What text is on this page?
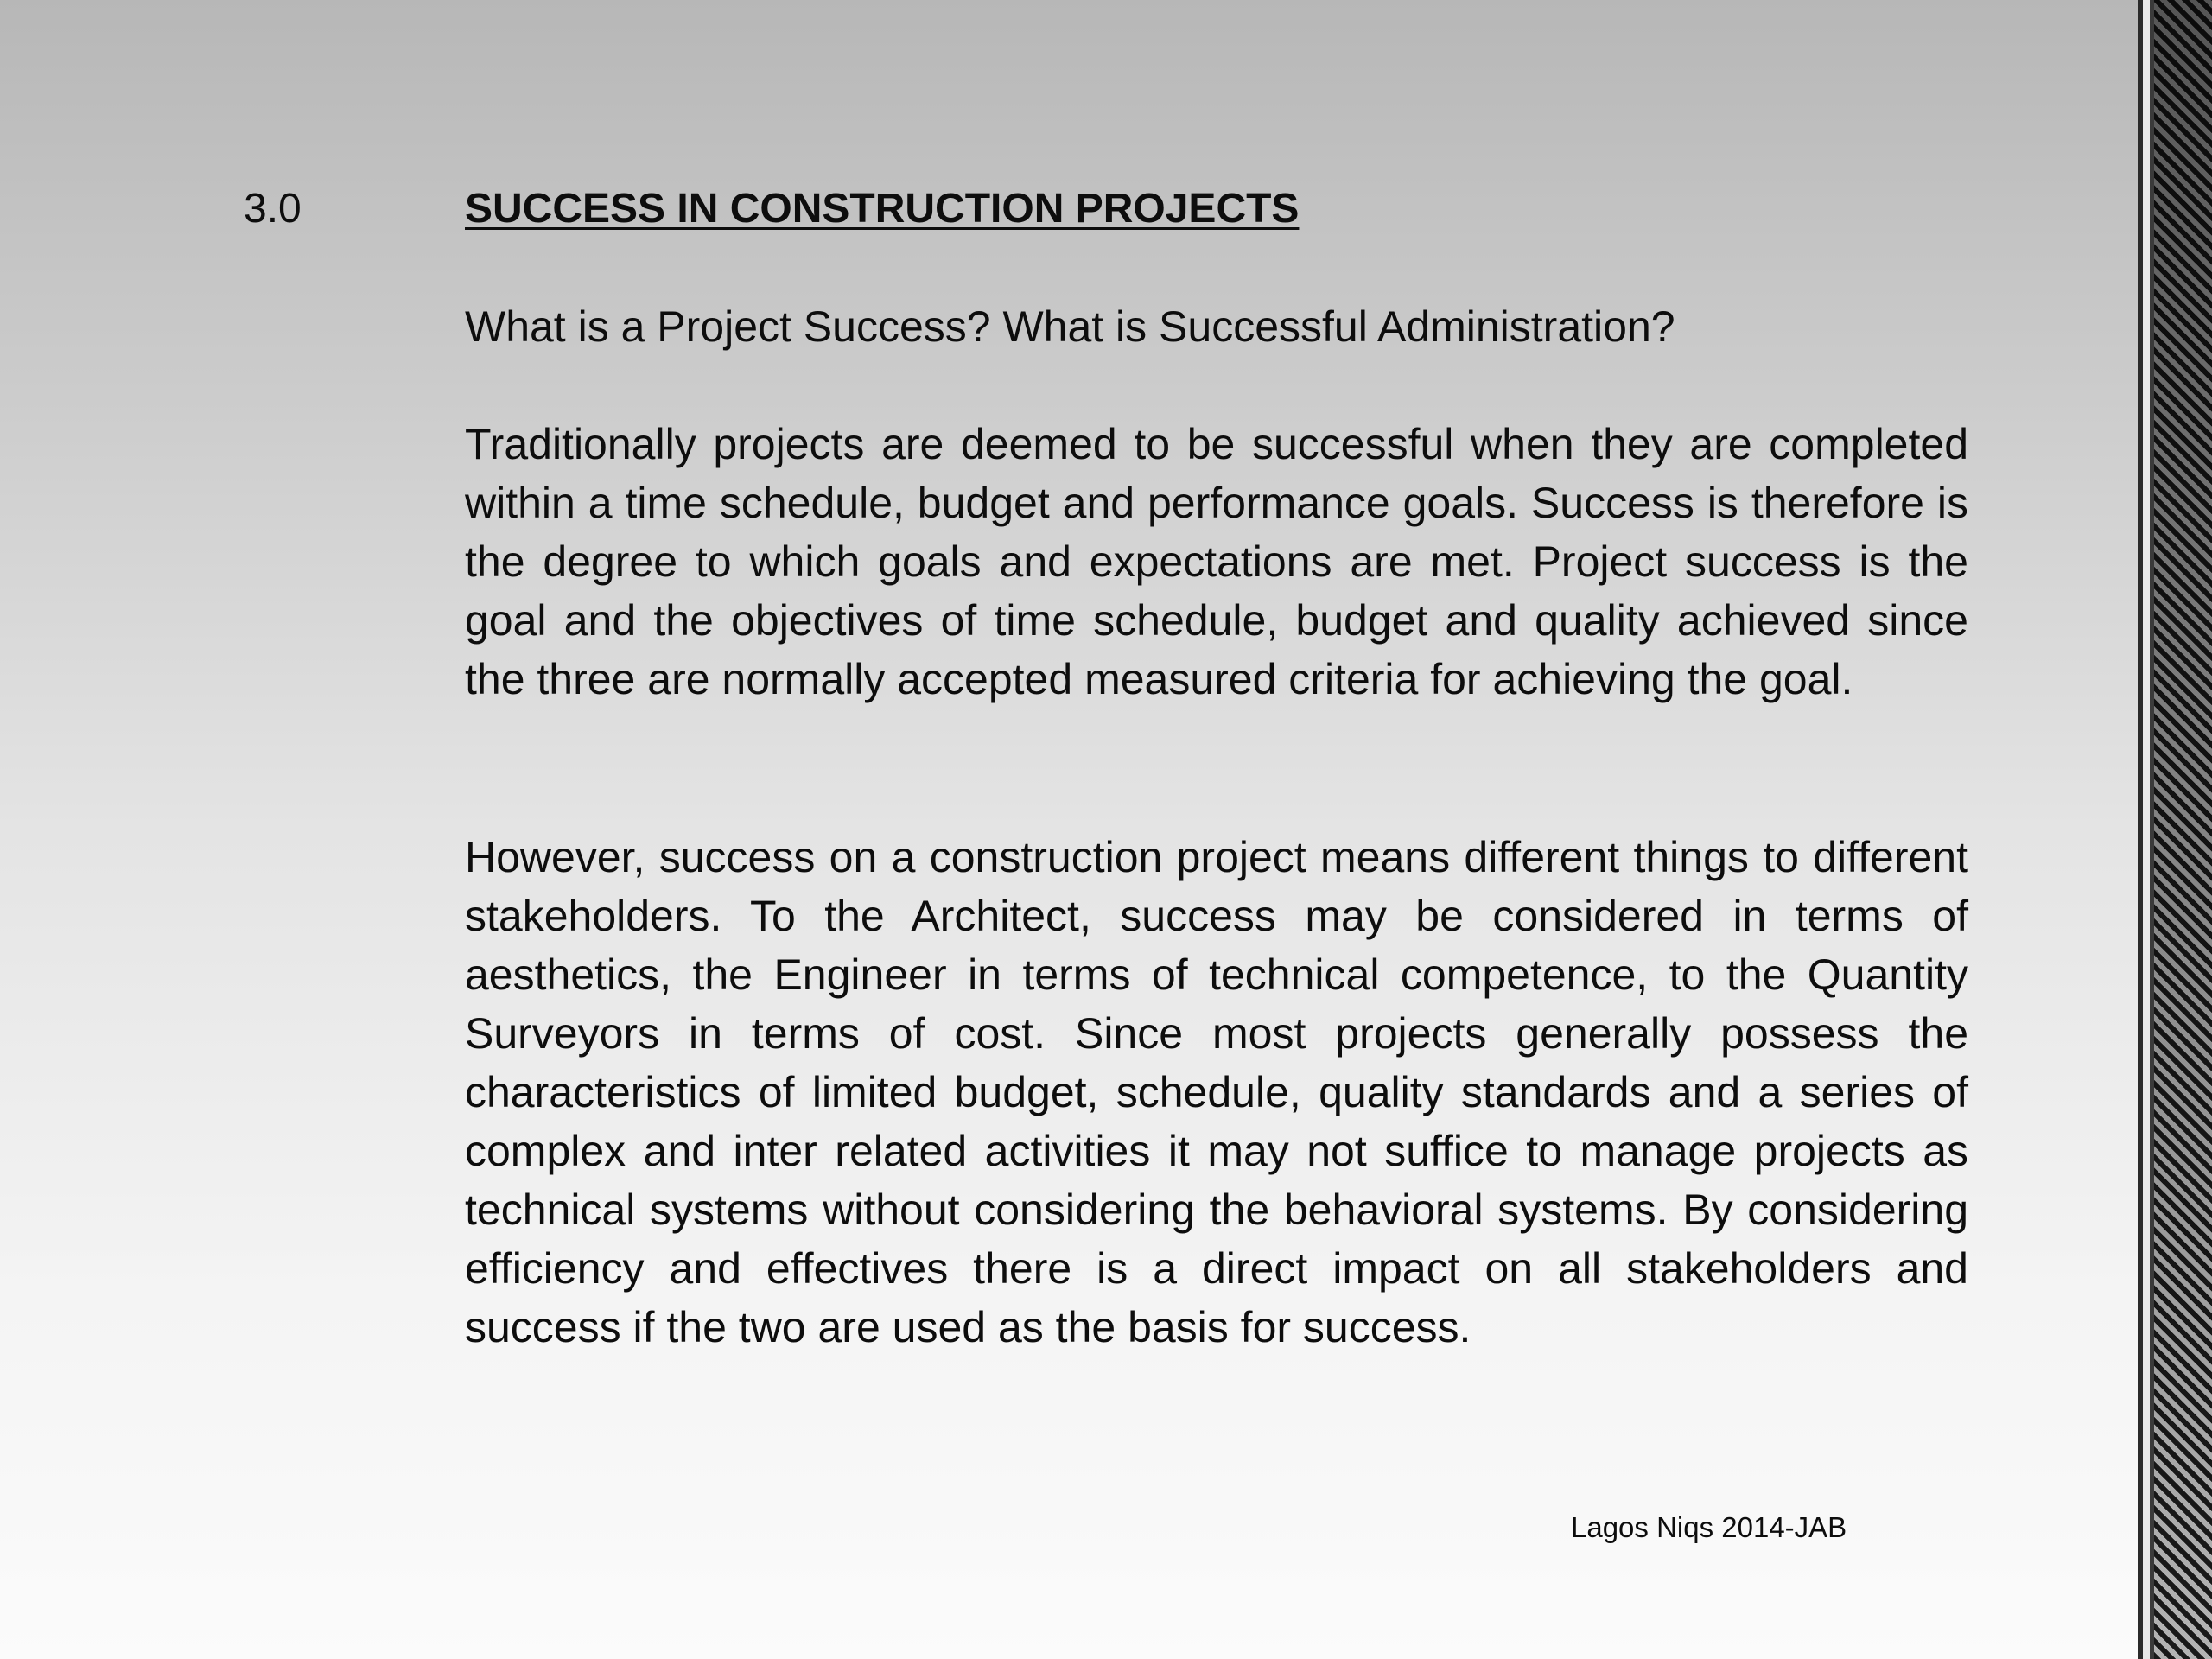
3.0	SUCCESS IN CONSTRUCTION PROJECTS
What is a Project Success? What is Successful Administration?

Traditionally projects are deemed to be successful when they are completed within a time schedule, budget and performance goals. Success is therefore is the degree to which goals and expectations are met. Project success is the goal and the objectives of time schedule, budget and quality achieved since the three are normally accepted measured criteria for achieving the goal.

However, success on a construction project means different things to different stakeholders. To the Architect, success may be considered in terms of aesthetics, the Engineer in terms of technical competence, to the Quantity Surveyors in terms of cost. Since most projects generally possess the characteristics of limited budget, schedule, quality standards and a series of complex and inter related activities it may not suffice to manage projects as technical systems without considering the behavioral systems. By considering efficiency and effectives there is a direct impact on all stakeholders and success if the two are used as the basis for success.

Lagos Niqs 2014-JAB
